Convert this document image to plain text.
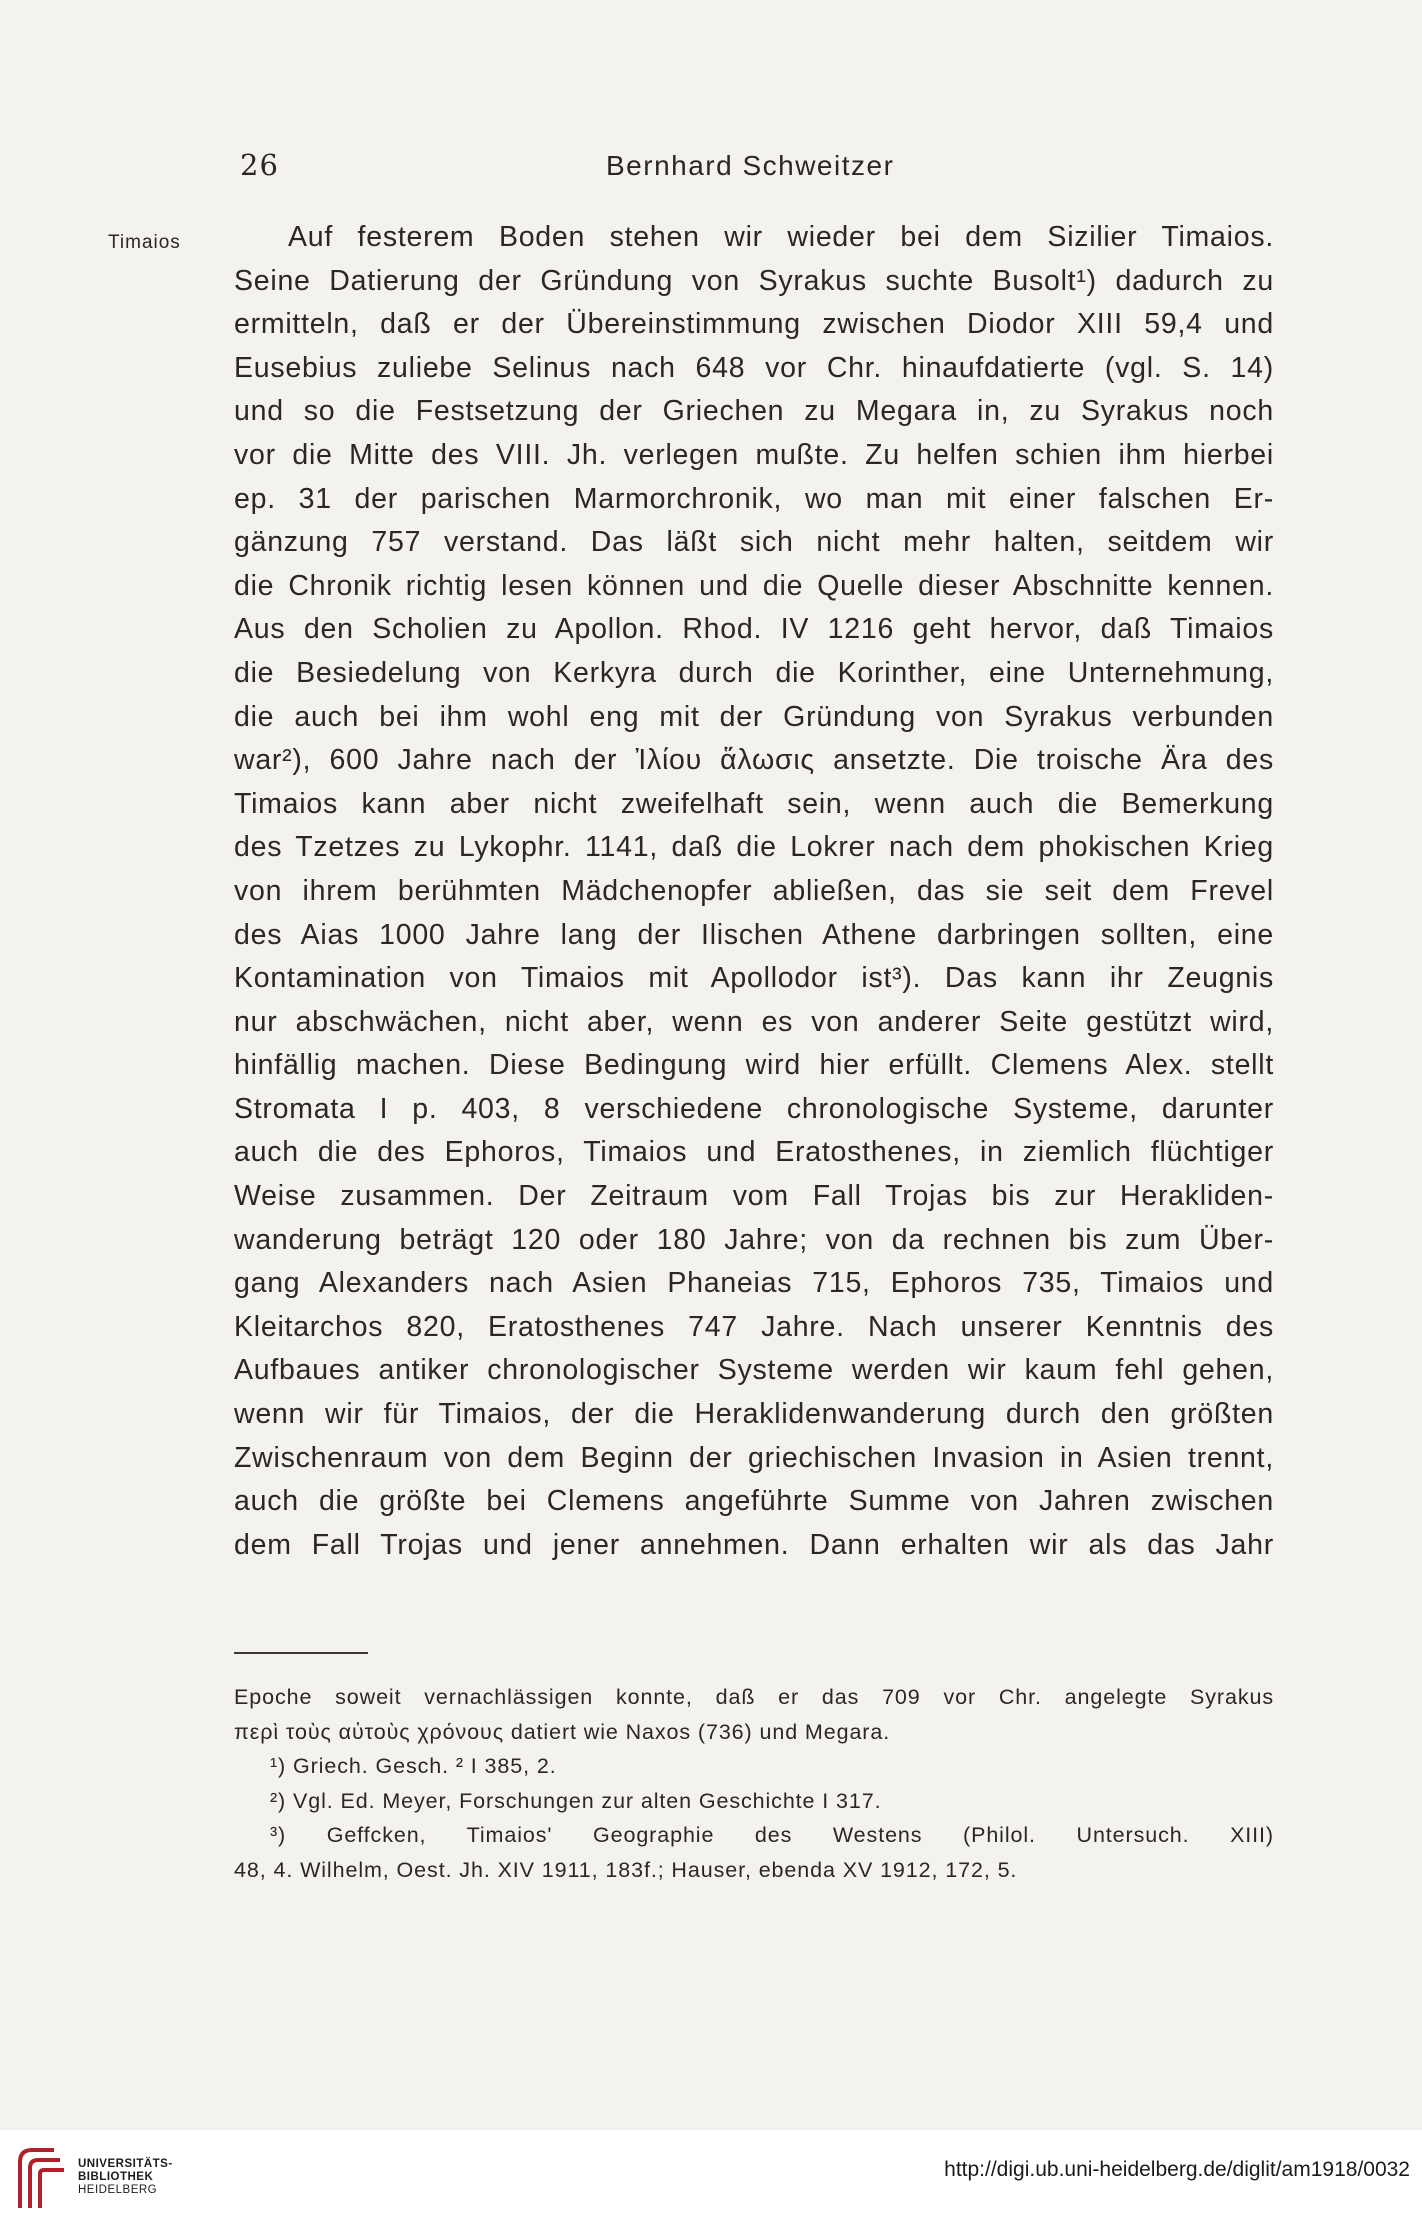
26	Bernhard Schweitzer
Timaios	Auf festerem Boden stehen wir wieder bei dem Sizilier Timaios.
Seine Datierung der Gründung von Syrakus suchte Busolt¹) dadurch zu
ermitteln, daß er der Übereinstimmung zwischen Diodor XIII 59,4 und
Eusebius zuliebe Selinus nach 648 vor Chr. hinaufdatierte (vgl. S. 14)
und so die Festsetzung der Griechen zu Megara in, zu Syrakus noch
vor die Mitte des VIII. Jh. verlegen mußte. Zu helfen schien ihm hierbei
ep. 31 der parischen Marmorchronik, wo man mit einer falschen Er-
gänzung 757 verstand. Das läßt sich nicht mehr halten, seitdem wir
die Chronik richtig lesen können und die Quelle dieser Abschnitte kennen.
Aus den Scholien zu Apollon. Rhod. IV 1216 geht hervor, daß Timaios
die Besiedelung von Kerkyra durch die Korinther, eine Unternehmung,
die auch bei ihm wohl eng mit der Gründung von Syrakus verbunden
war²), 600 Jahre nach der Ἰλίου ἅλωσις ansetzte. Die troische Ära des
Timaios kann aber nicht zweifelhaft sein, wenn auch die Bemerkung
des Tzetzes zu Lykophr. 1141, daß die Lokrer nach dem phokischen Krieg
von ihrem berühmten Mädchenopfer abließen, das sie seit dem Frevel
des Aias 1000 Jahre lang der Ilischen Athene darbringen sollten, eine
Kontamination von Timaios mit Apollodor ist³). Das kann ihr Zeugnis
nur abschwächen, nicht aber, wenn es von anderer Seite gestützt wird,
hinfällig machen. Diese Bedingung wird hier erfüllt. Clemens Alex. stellt
Stromata I p. 403, 8 verschiedene chronologische Systeme, darunter
auch die des Ephoros, Timaios und Eratosthenes, in ziemlich flüchtiger
Weise zusammen. Der Zeitraum vom Fall Trojas bis zur Herakliden-
wanderung beträgt 120 oder 180 Jahre; von da rechnen bis zum Über-
gang Alexanders nach Asien Phaneias 715, Ephoros 735, Timaios und
Kleitarchos 820, Eratosthenes 747 Jahre. Nach unserer Kenntnis des
Aufbaues antiker chronologischer Systeme werden wir kaum fehl gehen,
wenn wir für Timaios, der die Heraklidenwanderung durch den größten
Zwischenraum von dem Beginn der griechischen Invasion in Asien trennt,
auch die größte bei Clemens angeführte Summe von Jahren zwischen
dem Fall Trojas und jener annehmen. Dann erhalten wir als das Jahr
Epoche soweit vernachlässigen konnte, daß er das 709 vor Chr. angelegte Syrakus
περὶ τοὺς αὐτοὺς χρόνους datiert wie Naxos (736) und Megara.
¹) Griech. Gesch. ² I 385, 2.
²) Vgl. Ed. Meyer, Forschungen zur alten Geschichte I 317.
³) Geffcken, Timaios' Geographie des Westens (Philol. Untersuch. XIII)
48, 4. Wilhelm, Oest. Jh. XIV 1911, 183f.; Hauser, ebenda XV 1912, 172, 5.
UNIVERSITÄTS-
BIBLIOTHEK
HEIDELBERG
http://digi.ub.uni-heidelberg.de/diglit/am1918/0032
